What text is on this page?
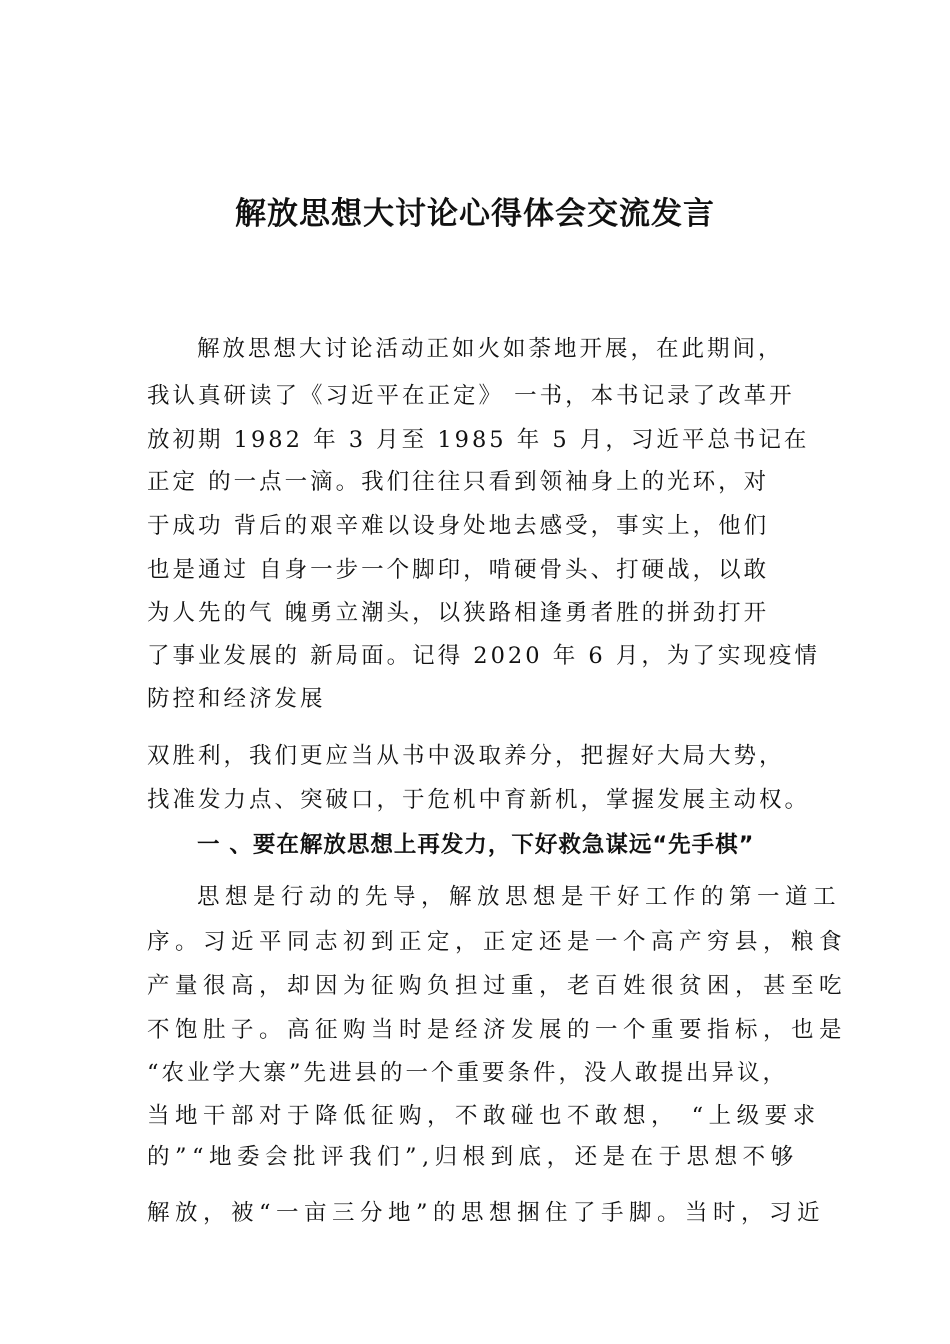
解放思想大讨论心得体会交流发言
解放思想大讨论活动正如火如荼地开展，在此期间，
我认真研读了《习近平在正定》 一书，本书记录了改革开
放初期 1982 年 3 月至 1985 年 5 月，习近平总书记在
正定 的一点一滴。我们往往只看到领袖身上的光环，对
于成功 背后的艰辛难以设身处地去感受，事实上，他们
也是通过 自身一步一个脚印，啃硬骨头、打硬战，以敢
为人先的气 魄勇立潮头，以狭路相逢勇者胜的拼劲打开
了事业发展的 新局面。记得 2020 年 6 月，为了实现疫情
防控和经济发展
双胜利，我们更应当从书中汲取养分，把握好大局大势，
找准发力点、突破口，于危机中育新机，掌握发展主动权。
一 、要在解放思想上再发力，下好救急谋远“先手棋”
思想是行动的先导，解放思想是干好工作的第一道工
序。习近平同志初到正定，正定还是一个高产穷县，粮食
产量很高，却因为征购负担过重，老百姓很贫困，甚至吃
不饱肚子。高征购当时是经济发展的一个重要指标，也是
“农业学大寨”先进县的一个重要条件，没人敢提出异议，
当地干部对于降低征购，不敢碰也不敢想， “上级要求
的”“地委会批评我们”,归根到底，还是在于思想不够
解放，被“一亩三分地”的思想捆住了手脚。当时，习近
